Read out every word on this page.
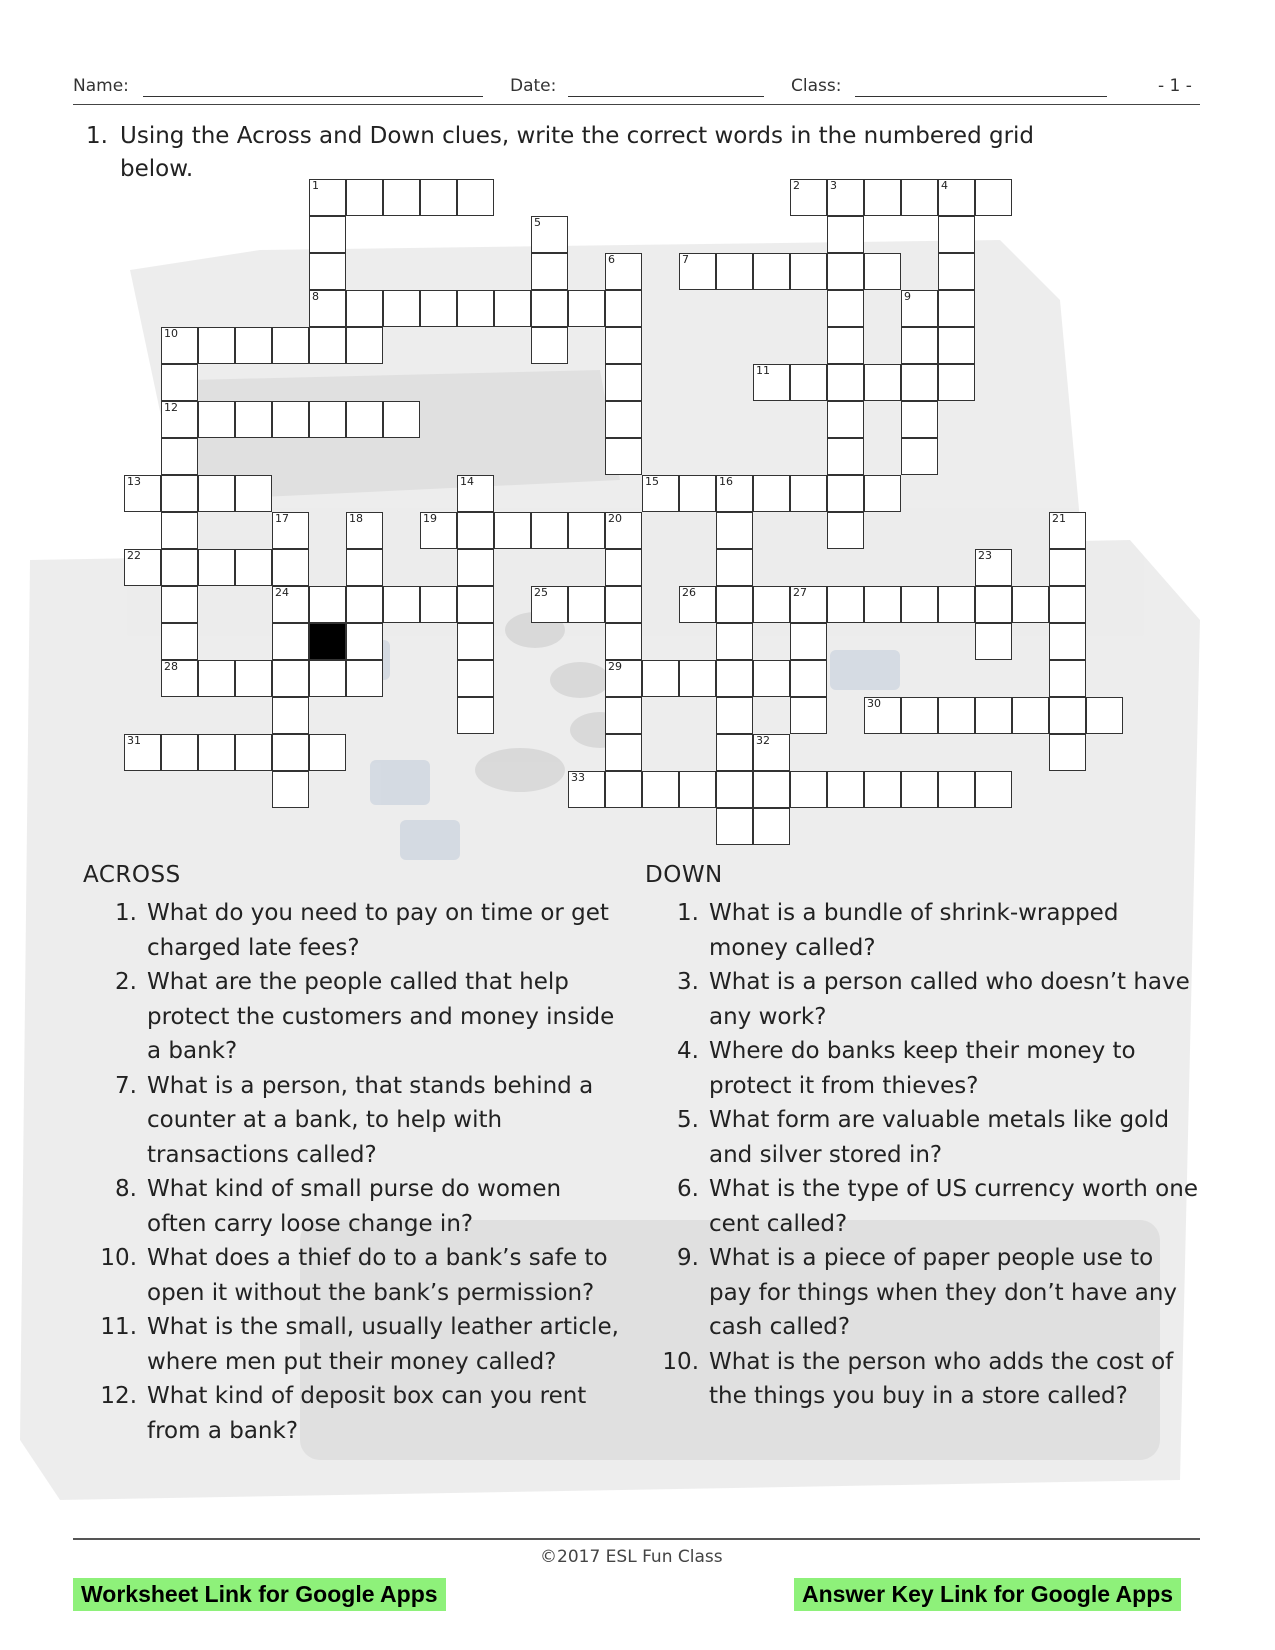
Name:	Date:	Class:	- 1 -
1. Using the Across and Down clues, write the correct words in the numbered grid below.
1	2	3	4
7
8
10
11
12
13	15	16
19
22
24	25	26	27
28	29
30
31
33
5
6
9
14
17	18	20	21
23
32
ACROSS
1. What do you need to pay on time or get charged late fees?
2. What are the people called that help protect the customers and money inside a bank?
7. What is a person, that stands behind a counter at a bank, to help with transactions called?
8. What kind of small purse do women often carry loose change in?
10. What does a thief do to a bank’s safe to open it without the bank’s permission?
11. What is the small, usually leather article, where men put their money called?
12. What kind of deposit box can you rent from a bank?
DOWN
1. What is a bundle of shrink-wrapped money called?
3. What is a person called who doesn’t have any work?
4. Where do banks keep their money to protect it from thieves?
5. What form are valuable metals like gold and silver stored in?
6. What is the type of US currency worth one cent called?
9. What is a piece of paper people use to pay for things when they don’t have any cash called?
10. What is the person who adds the cost of the things you buy in a store called?
©2017 ESL Fun Class
Worksheet Link for Google Apps	Answer Key Link for Google Apps
